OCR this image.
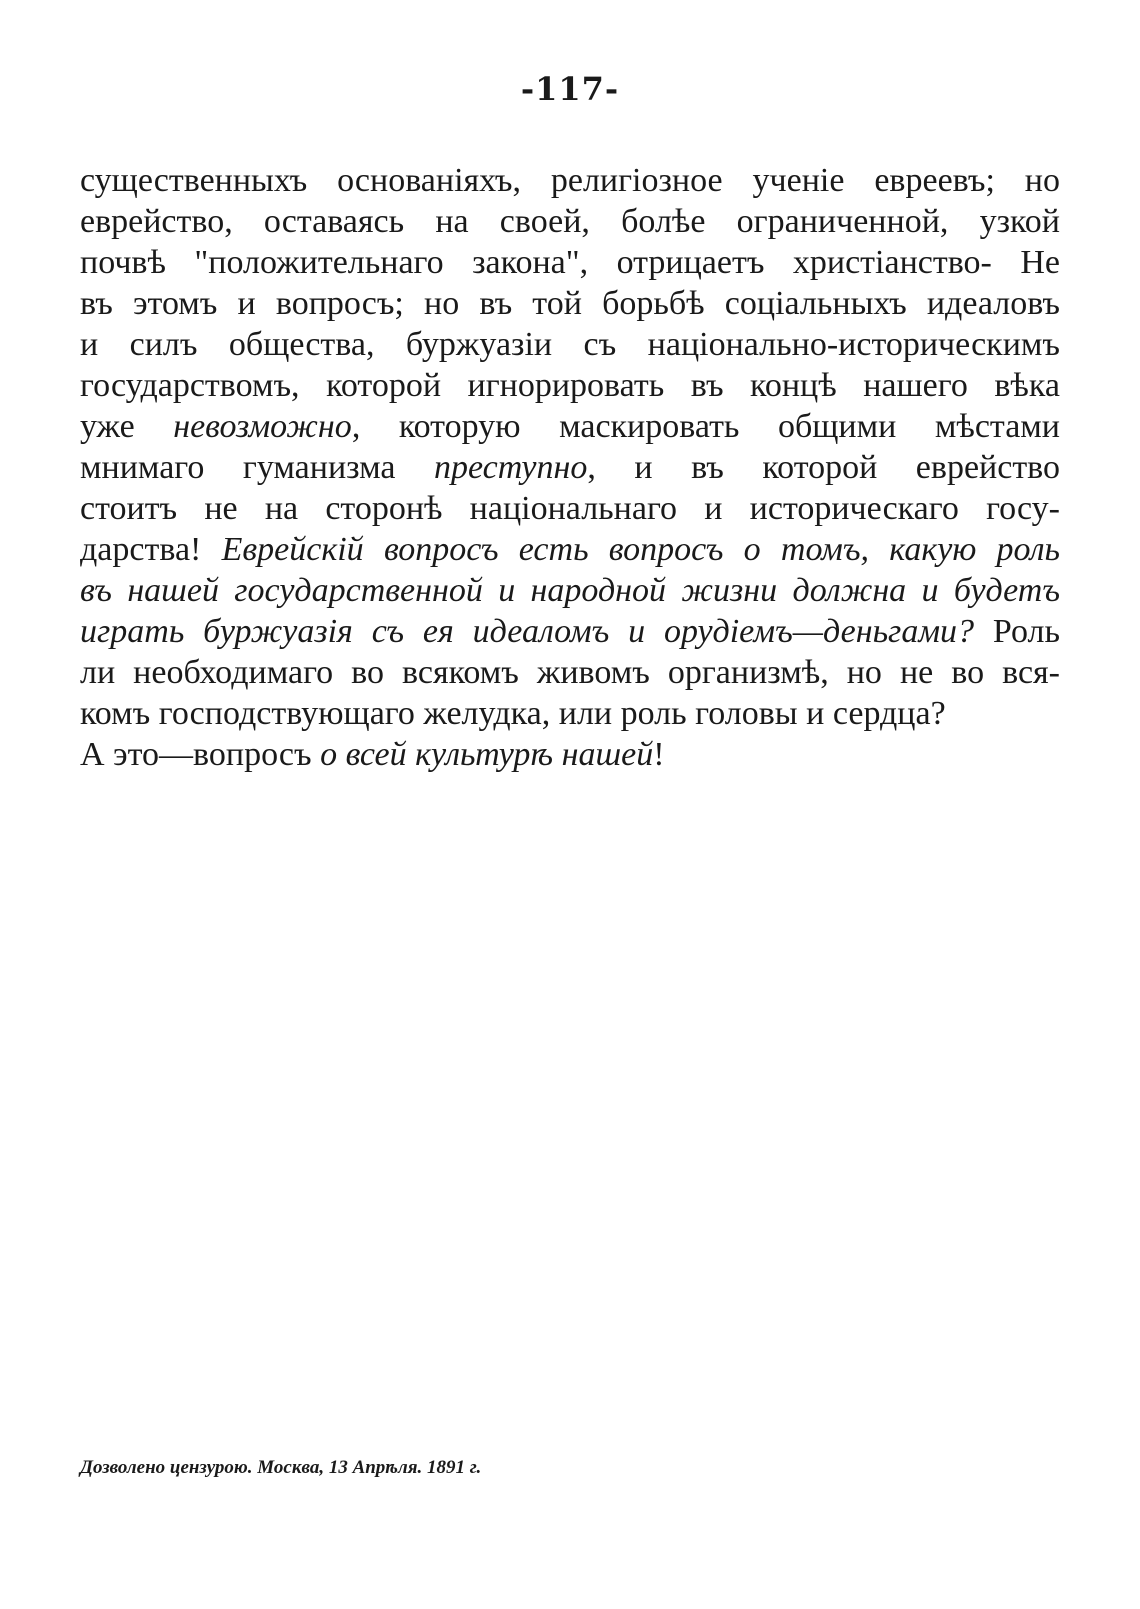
-117-
существенныхъ основаніяхъ, религіозное ученіе евреевъ; но
еврейство, оставаясь на своей, болѣе ограниченной, узкой
почвѣ "положительнаго закона", отрицаетъ христіанство- Не
въ этомъ и вопросъ; но въ той борьбѣ соціальныхъ идеаловъ
и силъ общества, буржуазіи съ національно-историческимъ
государствомъ, которой игнорировать въ концѣ нашего вѣка
уже невозможно, которую маскировать общими мѣстами
мнимаго гуманизма преступно, и въ которой еврейство
стоитъ не на сторонѣ національнаго и историческаго госу-
дарства! Еврейскій вопросъ есть вопросъ о томъ, какую роль
въ нашей государственной и народной жизни должна и будетъ
играть буржуазія съ ея идеаломъ и орудіемъ—деньгами? Роль
ли необходимаго во всякомъ живомъ организмѣ, но не во вся-
комъ господствующаго желудка, или роль головы и сердца?
А это—вопросъ о всей культурѣ нашей!
Дозволено цензурою. Москва, 13 Апрѣля. 1891 г.
